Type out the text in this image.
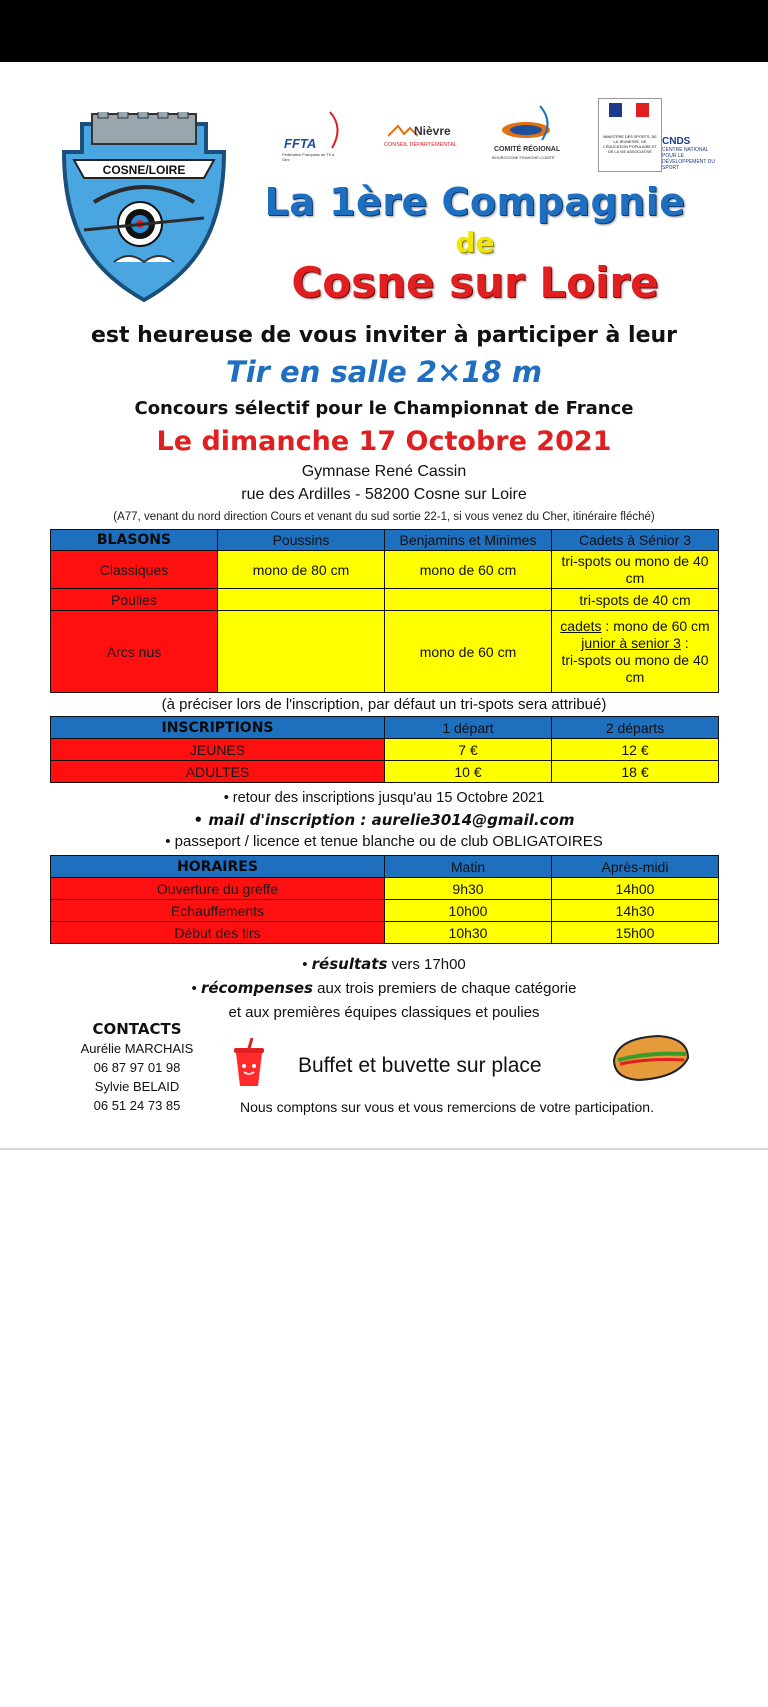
COSNE/LOIRE
FFTA
Fédération Française de Tir à l'Arc
Nièvre
CONSEIL DÉPARTEMENTAL
COMITÉ RÉGIONAL
BOURGOGNE FRANCHE-COMTÉ
MINISTÈRE DES SPORTS, DE LA JEUNESSE, DE L'ÉDUCATION POPULAIRE ET DE LA VIE ASSOCIATIVE
CNDS
CENTRE NATIONAL POUR LE DÉVELOPPEMENT DU SPORT
La 1ère Compagnie
de
Cosne sur Loire
est heureuse de vous inviter à participer à leur
Tir en salle 2×18 m
Concours sélectif pour le Championnat de France
Le dimanche 17 Octobre 2021
Gymnase René Cassin
rue des Ardilles - 58200 Cosne sur Loire
(A77, venant du nord direction Cours et venant du sud sortie 22-1, si vous venez du Cher, itinéraire fléché)
BLASONS	Poussins	Benjamins et Minimes	Cadets à Sénior 3
Classiques	mono de 80 cm	mono de 60 cm	tri-spots ou mono de 40 cm
Poulies			tri-spots de 40 cm
Arcs nus		mono de 60 cm	cadets : mono de 60 cm
junior à senior 3 :
tri-spots ou mono de 40 cm
(à préciser lors de l'inscription, par défaut un tri-spots sera attribué)
INSCRIPTIONS	1 départ	2 départs
JEUNES	7 €	12 €
ADULTES	10 €	18 €
• retour des inscriptions jusqu'au 15 Octobre 2021
• mail d'inscription : aurelie3014@gmail.com
• passeport / licence et tenue blanche ou de club OBLIGATOIRES
HORAIRES	Matin	Après-midi
Ouverture du greffe	9h30	14h00
Echauffements	10h00	14h30
Début des tirs	10h30	15h00
• résultats vers 17h00
• récompenses aux trois premiers de chaque catégorie
et aux premières équipes classiques et poulies
CONTACTS
Aurélie MARCHAIS
06 87 97 01 98
Sylvie BELAID
06 51 24 73 85
Buffet et buvette sur place
Nous comptons sur vous et vous remercions de votre participation.
